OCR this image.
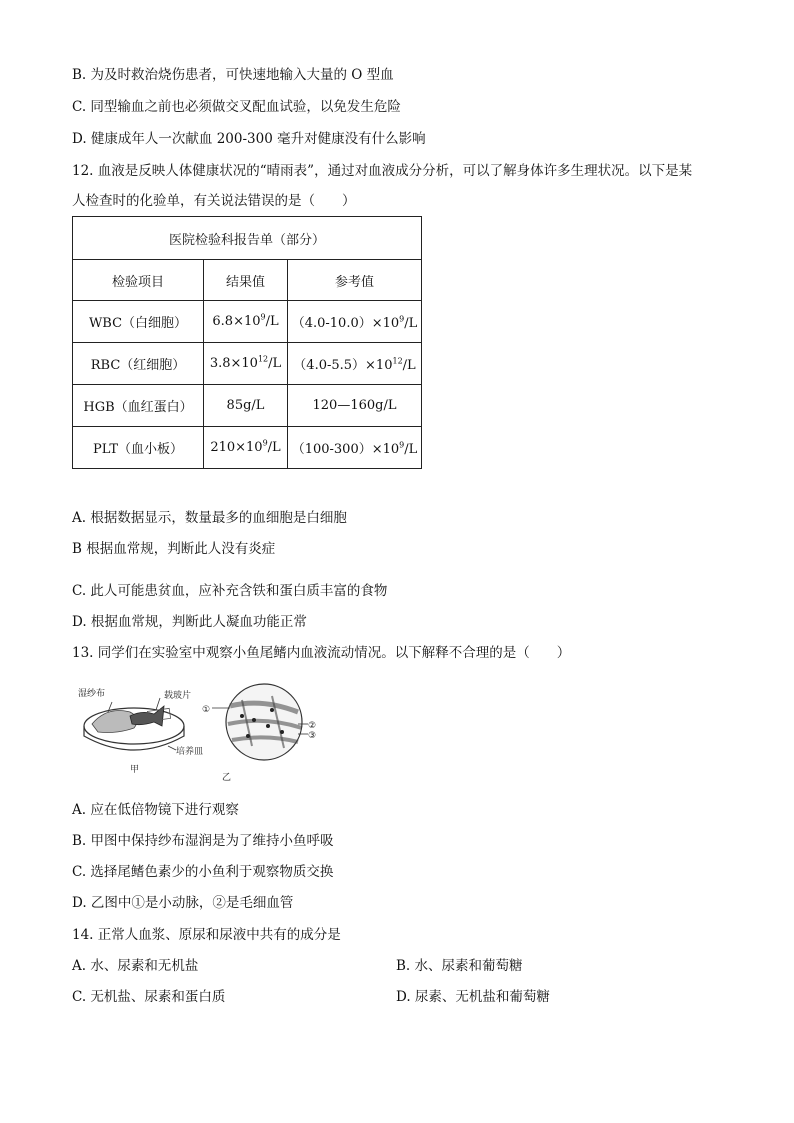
B. 为及时救治烧伤患者，可快速地输入大量的 O 型血
C. 同型输血之前也必须做交叉配血试验，以免发生危险
D. 健康成年人一次献血 200-300 毫升对健康没有什么影响
12. 血液是反映人体健康状况的“晴雨表”，通过对血液成分分析，可以了解身体许多生理状况。以下是某
人检查时的化验单，有关说法错误的是（　　）
医院检验科报告单（部分）		
检验项目	结果值	参考值
WBC（白细胞）	$6.8\times 10^9/L$	$(4.0-10.0)\times 10^9/L$
RBC（红细胞）	$3.8\times 10^{12}/L$	$(4.0-5.5)\times 10^{12}/L$
HGB（血红蛋白）	85g/L	120—160g/L
PLT（血小板）	$210\times 10^9/L$	$(100-300)\times 10^9/L$
A. 根据数据显示，数量最多的血细胞是白细胞
B 根据血常规，判断此人没有炎症
C. 此人可能患贫血，应补充含铁和蛋白质丰富的食物
D. 根据血常规，判断此人凝血功能正常
13. 同学们在实验室中观察小鱼尾鳍内血液流动情况。以下解释不合理的是（　　）
湿纱布	载玻片
培养皿
甲
①
②
③
乙
A. 应在低倍物镜下进行观察
B. 甲图中保持纱布湿润是为了维持小鱼呼吸
C. 选择尾鳍色素少的小鱼利于观察物质交换
D. 乙图中①是小动脉，②是毛细血管
14. 正常人血浆、原尿和尿液中共有的成分是
A. 水、尿素和无机盐	B. 水、尿素和葡萄糖
C. 无机盐、尿素和蛋白质	D. 尿素、无机盐和葡萄糖
